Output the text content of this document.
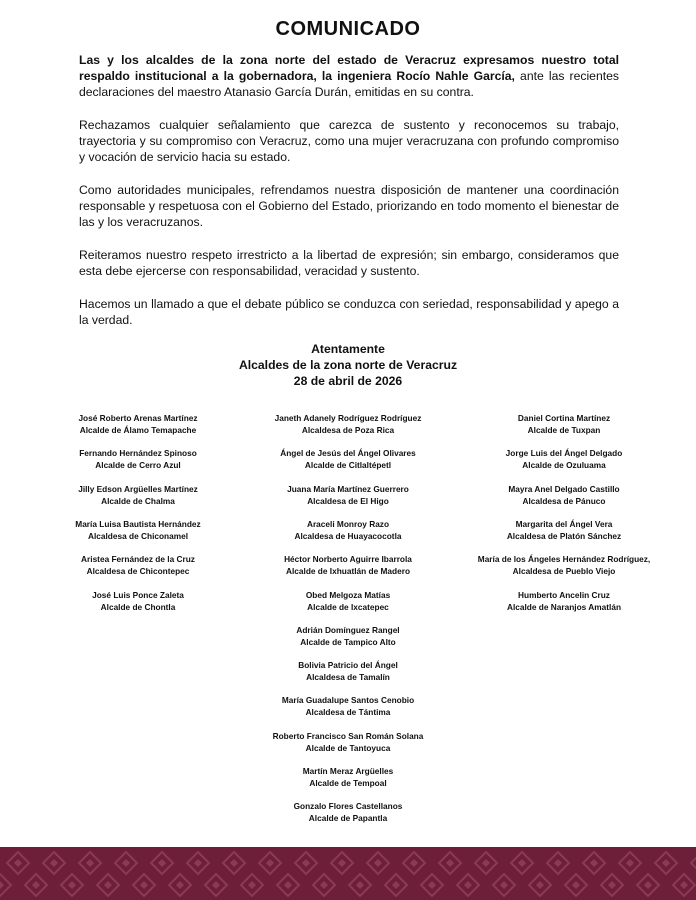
COMUNICADO

Las y los alcaldes de la zona norte del estado de Veracruz expresamos nuestro total respaldo institucional a la gobernadora, la ingeniera Rocío Nahle García, ante las recientes declaraciones del maestro Atanasio García Durán, emitidas en su contra.

Rechazamos cualquier señalamiento que carezca de sustento y reconocemos su trabajo, trayectoria y su compromiso con Veracruz, como una mujer veracruzana con profundo compromiso y vocación de servicio hacia su estado.

Como autoridades municipales, refrendamos nuestra disposición de mantener una coordinación responsable y respetuosa con el Gobierno del Estado, priorizando en todo momento el bienestar de las y los veracruzanos.

Reiteramos nuestro respeto irrestricto a la libertad de expresión; sin embargo, consideramos que esta debe ejercerse con responsabilidad, veracidad y sustento.

Hacemos un llamado a que el debate público se conduzca con seriedad, responsabilidad y apego a la verdad.

Atentamente
Alcaldes de la zona norte de Veracruz
28 de abril de 2026
José Roberto Arenas Martínez
Alcalde de Álamo Temapache
Fernando Hernández Spinoso
Alcalde de Cerro Azul
Jilly Edson Argüelles Martínez
Alcalde de Chalma
María Luisa Bautista Hernández
Alcaldesa de Chiconamel
Aristea Fernández de la Cruz
Alcaldesa de Chicontepec
José Luis Ponce Zaleta
Alcalde de Chontla
Janeth Adanely Rodríguez Rodríguez
Alcaldesa de Poza Rica
Ángel de Jesús del Ángel Olivares
Alcalde de Citlaltépetl
Juana María Martínez Guerrero
Alcaldesa de El Higo
Araceli Monroy Razo
Alcaldesa de Huayacocotla
Héctor Norberto Aguirre Ibarrola
Alcalde de Ixhuatlán de Madero
Obed Melgoza Matías
Alcalde de Ixcatepec
Adrián Domínguez Rangel
Alcalde de Tampico Alto
Bolivia Patricio del Ángel
Alcaldesa de Tamalín
María Guadalupe Santos Cenobio
Alcaldesa de Tántima
Roberto Francisco San Román Solana
Alcalde de Tantoyuca
Martín Meraz Argüelles
Alcalde de Tempoal
Gonzalo Flores Castellanos
Alcalde de Papantla
Daniel Cortina Martínez
Alcalde de Tuxpan
Jorge Luis del Ángel Delgado
Alcalde de Ozuluama
Mayra Anel Delgado Castillo
Alcaldesa de Pánuco
Margarita del Ángel Vera
Alcaldesa de Platón Sánchez
María de los Ángeles Hernández Rodríguez,
Alcaldesa de Pueblo Viejo
Humberto Ancelin Cruz
Alcalde de Naranjos Amatlán
